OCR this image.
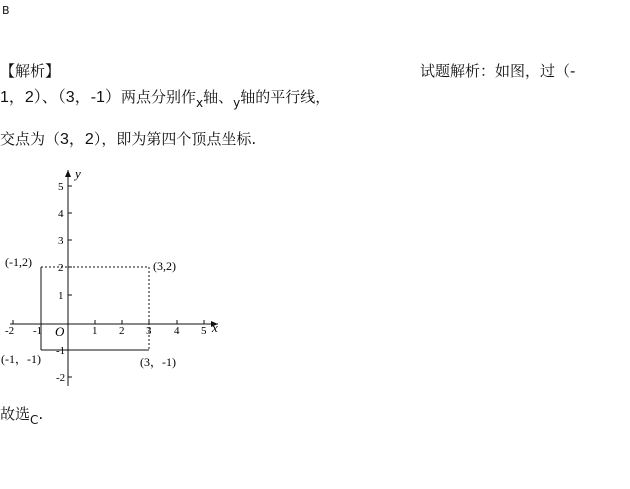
B
【解析】	试题解析：如图，过（-
1，2）、（3，-1）两点分别作$_x$轴、$_y$轴的平行线，
交点为（3，2），即为第四个顶点坐标.
y
x
O
-2 -1	1 2 3 4 5
5
4
3
2
1
-1
-2
(-1,2)	(3,2)
(-1，-1)	(3，-1)
故选$_C$.
